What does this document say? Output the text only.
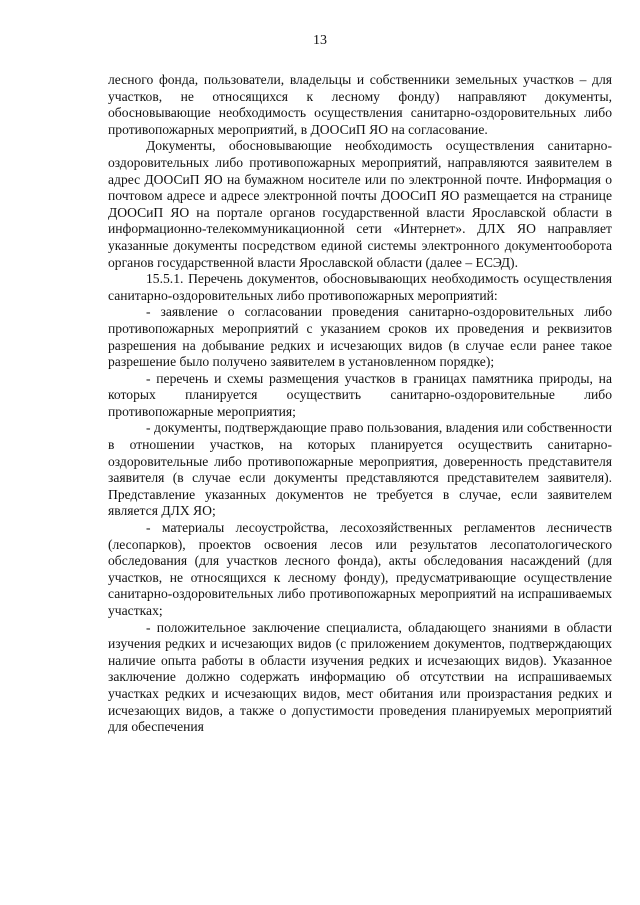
13

лесного фонда, пользователи, владельцы и собственники земельных участков – для участков, не относящихся к лесному фонду) направляют документы, обосновывающие необходимость осуществления санитарно-оздоровительных либо противопожарных мероприятий, в ДООСиП ЯО на согласование.

Документы, обосновывающие необходимость осуществления санитарно-оздоровительных либо противопожарных мероприятий, направляются заявителем в адрес ДООСиП ЯО на бумажном носителе или по электронной почте. Информация о почтовом адресе и адресе электронной почты ДООСиП ЯО размещается на странице ДООСиП ЯО на портале органов государственной власти Ярославской области в информационно-телекоммуникационной сети «Интернет». ДЛХ ЯО направляет указанные документы посредством единой системы электронного документооборота органов государственной власти Ярославской области (далее – ЕСЭД).

15.5.1. Перечень документов, обосновывающих необходимость осуществления санитарно-оздоровительных либо противопожарных мероприятий:

- заявление о согласовании проведения санитарно-оздоровительных либо противопожарных мероприятий с указанием сроков их проведения и реквизитов разрешения на добывание редких и исчезающих видов (в случае если ранее такое разрешение было получено заявителем в установленном порядке);

- перечень и схемы размещения участков в границах памятника природы, на которых планируется осуществить санитарно-оздоровительные либо противопожарные мероприятия;

- документы, подтверждающие право пользования, владения или собственности в отношении участков, на которых планируется осуществить санитарно-оздоровительные либо противопожарные мероприятия, доверенность представителя заявителя (в случае если документы представляются представителем заявителя). Представление указанных документов не требуется в случае, если заявителем является ДЛХ ЯО;

- материалы лесоустройства, лесохозяйственных регламентов лесничеств (лесопарков), проектов освоения лесов или результатов лесопатологического обследования (для участков лесного фонда), акты обследования насаждений (для участков, не относящихся к лесному фонду), предусматривающие осуществление санитарно-оздоровительных либо противопожарных мероприятий на испрашиваемых участках;

- положительное заключение специалиста, обладающего знаниями в области изучения редких и исчезающих видов (с приложением документов, подтверждающих наличие опыта работы в области изучения редких и исчезающих видов). Указанное заключение должно содержать информацию об отсутствии на испрашиваемых участках редких и исчезающих видов, мест обитания или произрастания редких и исчезающих видов, а также о допустимости проведения планируемых мероприятий для обеспечения
